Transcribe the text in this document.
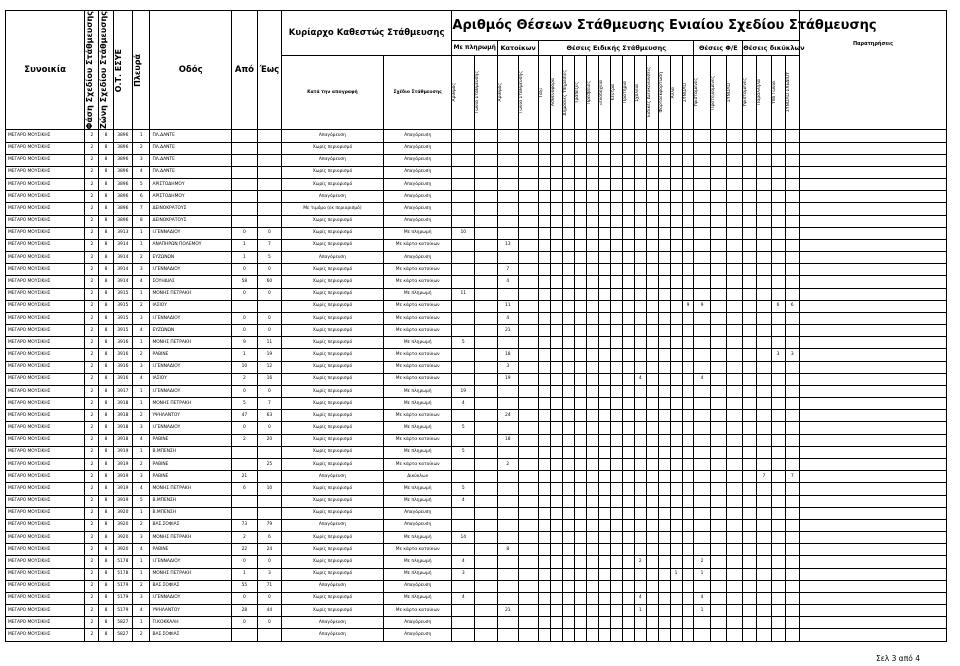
Συνοικία	Φάση Σχεδίου Στάθμευσης	Ζώνη Σχεδίου Στάθμευσης	Ο.Τ. ΕΣΥΕ	Πλευρά	Οδός	Από	Έως	Κυρίαρχο Καθεστώς Στάθμευσης		Αριθμός Θέσεων Στάθμευσης Ενιαίου Σχεδίου Στάθμευσης																								Παρατηρήσεις
										Με πληρωμή		Κατοίκων		Θέσεις Ειδικής Στάθμευσης													Θέσεις Φ/Ε			Θέσεις δικύκλων				
								Κατά την απογραφή	Σχέδιο Στάθμευσης	Αριθμός	Γωνία Στάθμευσης	Αριθμός	Γωνία Στάθμευσης	Ταξί	Ασθενοφόρα	Δημόσιες Υπηρεσίες	Τράπεζες	Πρεσβείες	Ξενοδοχεία	Κέντρα	Πρατήρια	Σχολεία	Ειδικές Διευκολύνσεις	Φορτοεκφόρτωση	Άλλα	ΣΥΝΟΛΟ	Υφιστάμενες	Προτεινόμενες	ΣΥΝΟΛΟ	Υφιστάμενες	Παράλληλα	Υπό Γωνία	ΣΥΝΟΛΟ ΣΧΕΔΙΟΥ	

ΜΕΓΑΡΟ ΜΟΥΣΙΚΗΣ	2	8	3896	1	ΠΛ.ΔΑΝΤΕ			Απαγόρευση	Απαγόρευση																									
ΜΕΓΑΡΟ ΜΟΥΣΙΚΗΣ	2	8	3896	2	ΠΛ.ΔΑΝΤΕ			Χωρίς περιορισμό	Απαγόρευση																									
ΜΕΓΑΡΟ ΜΟΥΣΙΚΗΣ	2	8	3896	3	ΠΛ.ΔΑΝΤΕ			Απαγόρευση	Απαγόρευση																									
ΜΕΓΑΡΟ ΜΟΥΣΙΚΗΣ	2	8	3896	4	ΠΛ.ΔΑΝΤΕ			Χωρίς περιορισμό	Απαγόρευση																									
ΜΕΓΑΡΟ ΜΟΥΣΙΚΗΣ	2	8	3896	5	ΑΡΙΣΤΟΔΗΜΟΥ			Χωρίς περιορισμό	Απαγόρευση																									
ΜΕΓΑΡΟ ΜΟΥΣΙΚΗΣ	2	8	3896	6	ΑΡΙΣΤΟΔΗΜΟΥ			Απαγόρευση	Απαγόρευση																									
ΜΕΓΑΡΟ ΜΟΥΣΙΚΗΣ	2	8	3896	7	ΔΕΙΝΟΚΡΑΤΟΥΣ			Με τιμόμο (εκ περιορισμό)	Απαγόρευση																									
ΜΕΓΑΡΟ ΜΟΥΣΙΚΗΣ	2	8	3896	8	ΔΕΙΝΟΚΡΑΤΟΥΣ			Χωρίς περιορισμό	Απαγόρευση																									
ΜΕΓΑΡΟ ΜΟΥΣΙΚΗΣ	2	8	3913	1	Ι.ΓΕΝΝΑΔΙΟΥ	0	0	Χωρίς περιορισμό	Με πληρωμή	10																								
ΜΕΓΑΡΟ ΜΟΥΣΙΚΗΣ	2	8	3914	1	ΑΝΑΠΗΡΩΝ ΠΟΛΕΜΟΥ	1	7	Χωρίς περιορισμό	Με κάρτα κατοίκων			13																						
ΜΕΓΑΡΟ ΜΟΥΣΙΚΗΣ	2	8	3914	2	ΕΥΖΩΝΩΝ	1	5	Απαγόρευση	Απαγόρευση																									
ΜΕΓΑΡΟ ΜΟΥΣΙΚΗΣ	2	8	3914	3	Ι.ΓΕΝΝΑΔΙΟΥ	0	0	Χωρίς περιορισμό	Με κάρτα κατοίκων			7																						
ΜΕΓΑΡΟ ΜΟΥΣΙΚΗΣ	2	8	3914	4	ΣΟΥΗΔΙΑΣ	58	60	Χωρίς περιορισμό	Με κάρτα κατοίκων			4																						
ΜΕΓΑΡΟ ΜΟΥΣΙΚΗΣ	2	8	3915	1	ΜΟΝΗΣ ΠΕΤΡΑΚΗ	0	0	Χωρίς περιορισμό	Με πληρωμή	11																								
ΜΕΓΑΡΟ ΜΟΥΣΙΚΗΣ	2	8	3915	2	ΙΑΣΙΟΥ			Χωρίς περιορισμό	Με κάρτα κατοίκων			11														9	9					6	6	
ΜΕΓΑΡΟ ΜΟΥΣΙΚΗΣ	2	8	3915	3	Ι.ΓΕΝΝΑΔΙΟΥ	0	0	Χωρίς περιορισμό	Με κάρτα κατοίκων			4																						
ΜΕΓΑΡΟ ΜΟΥΣΙΚΗΣ	2	8	3915	4	ΕΥΖΩΝΩΝ	0	0	Χωρίς περιορισμό	Με κάρτα κατοίκων			21																						
ΜΕΓΑΡΟ ΜΟΥΣΙΚΗΣ	2	8	3916	1	ΜΟΝΗΣ ΠΕΤΡΑΚΗ	9	11	Χωρίς περιορισμό	Με πληρωμή	5																								
ΜΕΓΑΡΟ ΜΟΥΣΙΚΗΣ	2	8	3916	2	ΡΑΒΙΝΕ	1	19	Χωρίς περιορισμό	Με κάρτα κατοίκων			18																				3	3	
ΜΕΓΑΡΟ ΜΟΥΣΙΚΗΣ	2	8	3916	3	Ι.ΓΕΝΝΑΔΙΟΥ	10	12	Χωρίς περιορισμό	Με κάρτα κατοίκων			3																						
ΜΕΓΑΡΟ ΜΟΥΣΙΚΗΣ	2	8	3916	4	ΙΑΣΙΟΥ	2	16	Χωρίς περιορισμό	Με κάρτα κατοίκων			19										4					4							
ΜΕΓΑΡΟ ΜΟΥΣΙΚΗΣ	2	8	3917	1	Ι.ΓΕΝΝΑΔΙΟΥ	0	0	Χωρίς περιορισμό	Με πληρωμή	19																								
ΜΕΓΑΡΟ ΜΟΥΣΙΚΗΣ	2	8	3918	1	ΜΟΝΗΣ ΠΕΤΡΑΚΗ	5	7	Χωρίς περιορισμό	Με πληρωμή	4																								
ΜΕΓΑΡΟ ΜΟΥΣΙΚΗΣ	2	8	3918	2	ΥΨΗΛΑΝΤΟΥ	47	63	Χωρίς περιορισμό	Με κάρτα κατοίκων			24																						
ΜΕΓΑΡΟ ΜΟΥΣΙΚΗΣ	2	8	3918	3	Ι.ΓΕΝΝΑΔΙΟΥ	0	0	Χωρίς περιορισμό	Με πληρωμή	5																								
ΜΕΓΑΡΟ ΜΟΥΣΙΚΗΣ	2	8	3918	4	ΡΑΒΙΝΕ	2	20	Χωρίς περιορισμό	Με κάρτα κατοίκων			18																						
ΜΕΓΑΡΟ ΜΟΥΣΙΚΗΣ	2	8	3919	1	Β.ΜΠΕΝΣΗ			Χωρίς περιορισμό	Με πληρωμή	5																								
ΜΕΓΑΡΟ ΜΟΥΣΙΚΗΣ	2	8	3919	2	ΡΑΒΙΝΕ		25	Χωρίς περιορισμό	Με κάρτα κατοίκων			2																						
ΜΕΓΑΡΟ ΜΟΥΣΙΚΗΣ	2	8	3919	3	ΡΑΒΙΝΕ	21		Απαγόρευση	Δικύκλων																						7		7	
ΜΕΓΑΡΟ ΜΟΥΣΙΚΗΣ	2	8	3919	4	ΜΟΝΗΣ ΠΕΤΡΑΚΗ	6	10	Χωρίς περιορισμό	Με πληρωμή	5																								
ΜΕΓΑΡΟ ΜΟΥΣΙΚΗΣ	2	8	3919	5	Β.ΜΠΕΝΣΗ			Χωρίς περιορισμό	Με πληρωμή	4																								
ΜΕΓΑΡΟ ΜΟΥΣΙΚΗΣ	2	8	3920	1	Β.ΜΠΕΝΣΗ			Χωρίς περιορισμό	Απαγόρευση																									
ΜΕΓΑΡΟ ΜΟΥΣΙΚΗΣ	2	8	3920	2	ΒΑΣ.ΣΟΦΙΑΣ	73	79	Απαγόρευση	Απαγόρευση																									
ΜΕΓΑΡΟ ΜΟΥΣΙΚΗΣ	2	8	3920	3	ΜΟΝΗΣ ΠΕΤΡΑΚΗ	2	6	Χωρίς περιορισμό	Με πληρωμή	14																								
ΜΕΓΑΡΟ ΜΟΥΣΙΚΗΣ	2	8	3920	4	ΡΑΒΙΝΕ	22	24	Χωρίς περιορισμό	Με κάρτα κατοίκων			8																						
ΜΕΓΑΡΟ ΜΟΥΣΙΚΗΣ	2	8	5178	1	Ι.ΓΕΝΝΑΔΙΟΥ	0	0	Χωρίς περιορισμό	Με πληρωμή	4												2					2							
ΜΕΓΑΡΟ ΜΟΥΣΙΚΗΣ	2	8	5178	1	ΜΟΝΗΣ ΠΕΤΡΑΚΗ	1	3	Χωρίς περιορισμό	Με πληρωμή	3															1		1							
ΜΕΓΑΡΟ ΜΟΥΣΙΚΗΣ	2	8	5179	2	ΒΑΣ.ΣΟΦΙΑΣ	55	71	Απαγόρευση	Απαγόρευση																									
ΜΕΓΑΡΟ ΜΟΥΣΙΚΗΣ	2	8	5179	3	Ι.ΓΕΝΝΑΔΙΟΥ	0	0	Χωρίς περιορισμό	Με πληρωμή	4												4					4							
ΜΕΓΑΡΟ ΜΟΥΣΙΚΗΣ	2	8	5179	4	ΥΨΗΛΑΝΤΟΥ	28	44	Χωρίς περιορισμό	Με κάρτα κατοίκων			21										1					1							
ΜΕΓΑΡΟ ΜΟΥΣΙΚΗΣ	2	8	5827	1	Π.ΚΟΚΚΑΛΗ	0	0	Απαγόρευση	Απαγόρευση																									
ΜΕΓΑΡΟ ΜΟΥΣΙΚΗΣ	2	8	5827	2	ΒΑΣ.ΣΟΦΙΑΣ			Απαγόρευση	Απαγόρευση																									
Σελ 3 από 4
